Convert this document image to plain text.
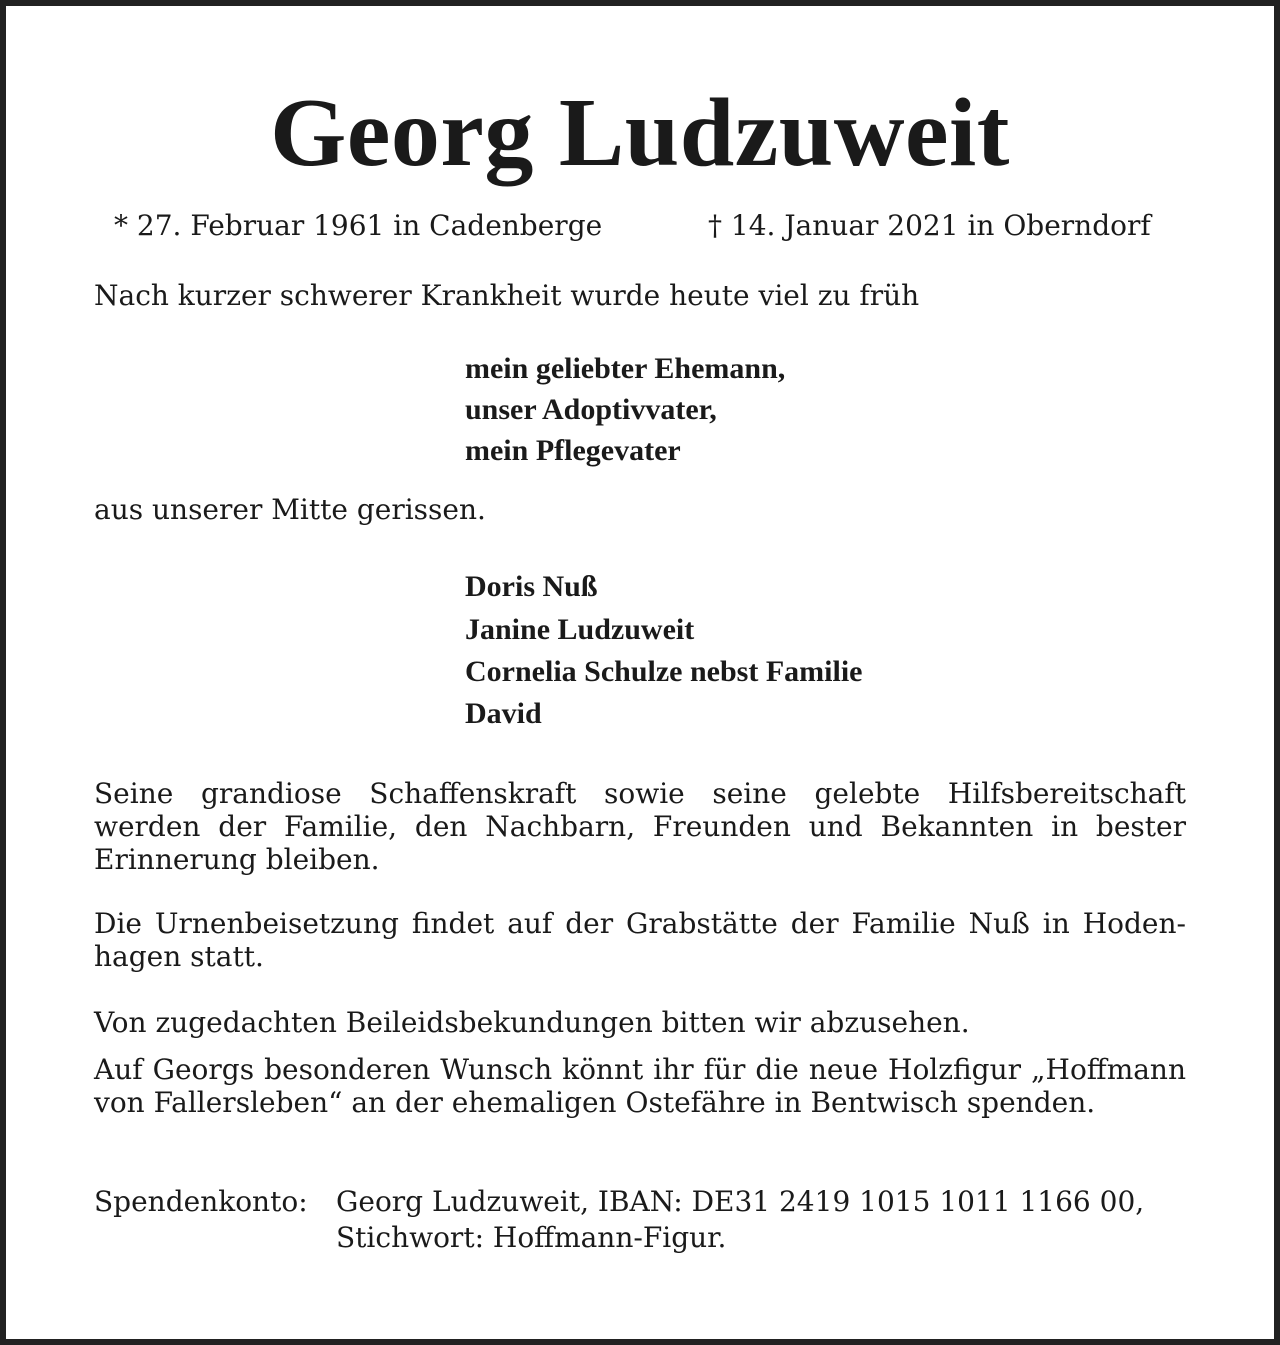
Georg Ludzuweit
* 27. Februar 1961 in Cadenberge	† 14. Januar 2021 in Oberndorf
Nach kurzer schwerer Krankheit wurde heute viel zu früh
mein geliebter Ehemann,
unser Adoptivvater,
mein Pflegevater
aus unserer Mitte gerissen.
Doris Nuß
Janine Ludzuweit
Cornelia Schulze nebst Familie
David
Seine grandiose Schaffenskraft sowie seine gelebte Hilfsbereitschaft werden der Familie, den Nachbarn, Freunden und Bekannten in bester Erinnerung bleiben.
Die Urnenbeisetzung findet auf der Grabstätte der Familie Nuß in Hoden-hagen statt.
Von zugedachten Beileidsbekundungen bitten wir abzusehen.
Auf Georgs besonderen Wunsch könnt ihr für die neue Holzfigur „Hoffmann von Fallersleben“ an der ehemaligen Ostefähre in Bentwisch spenden.
Spendenkonto: Georg Ludzuweit, IBAN: DE31 2419 1015 1011 1166 00,
Stichwort: Hoffmann-Figur.
